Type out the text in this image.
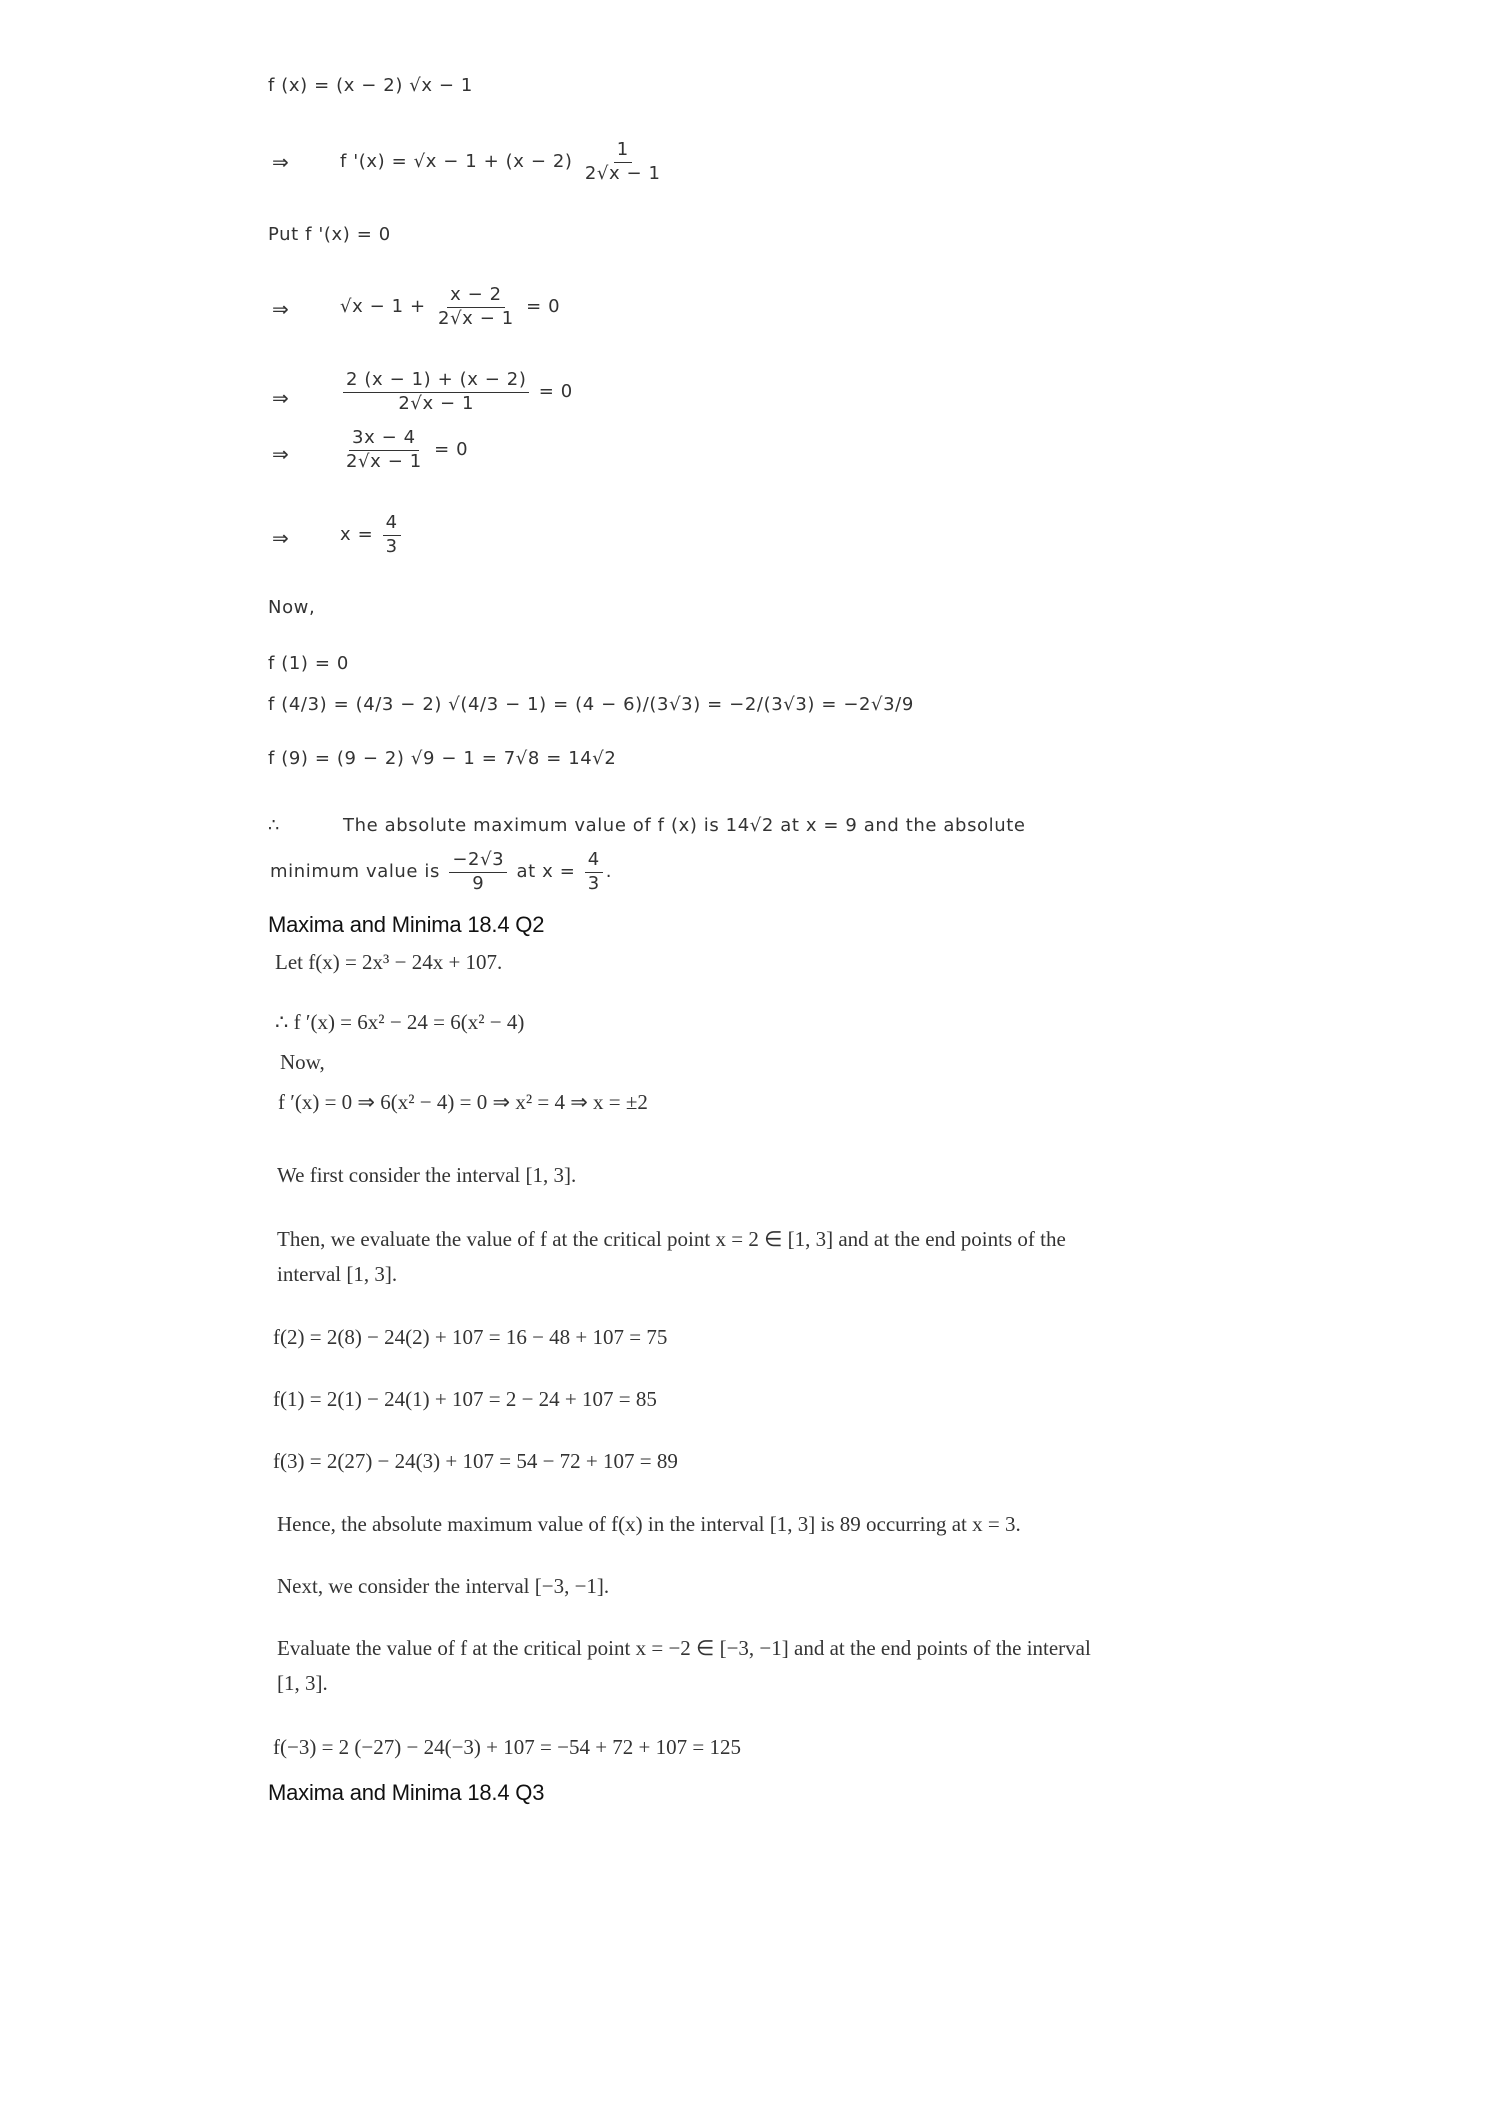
f (x) = (x − 2) √x − 1
⇒	f '$(x) = √x - 1 + (x - 2) \frac{1}{2√x - 1}$
Put f '(x) = 0
⇒	$√x - 1 + \frac{x - 2}{2√x - 1} = 0$
⇒	$\frac{2 (x - 1) + (x - 2)}{2√x - 1} = 0$
⇒	$\frac{3x - 4}{2√x - 1} = 0$
⇒	$x = \frac{4}{3}$
Now,
f (1) = 0
f (4/3) = (4/3 − 2) √(4/3 − 1) = (4 − 6)/(3√3) = −2/(3√3) = −2√3/9
f (9) = (9 − 2) √9 − 1 = 7√8 = 14√2
∴	The absolute maximum value of f (x) is 14√2 at x = 9 and the absolute
minimum value is $\frac{-2√3}{9}$ at $x = \frac{4}{3}$ .
Maxima and Minima 18.4 Q2
Let f(x) = 2x³ − 24x + 107.
∴ f ′(x) = 6x² − 24 = 6(x² − 4)
Now,
f ′(x) = 0 ⇒ 6(x² − 4) = 0 ⇒ x² = 4 ⇒ x = ±2
We first consider the interval [1, 3].
Then, we evaluate the value of f at the critical point x = 2 ∈ [1, 3] and at the end points of the
interval [1, 3].
f(2) = 2(8) − 24(2) + 107 = 16 − 48 + 107 = 75
f(1) = 2(1) − 24(1) + 107 = 2 − 24 + 107 = 85
f(3) = 2(27) − 24(3) + 107 = 54 − 72 + 107 = 89
Hence, the absolute maximum value of f(x) in the interval [1, 3] is 89 occurring at x = 3.
Next, we consider the interval [−3, −1].
Evaluate the value of f at the critical point x = −2 ∈ [−3, −1] and at the end points of the interval
[1, 3].
f(−3) = 2 (−27) − 24(−3) + 107 = −54 + 72 + 107 = 125
Maxima and Minima 18.4 Q3
